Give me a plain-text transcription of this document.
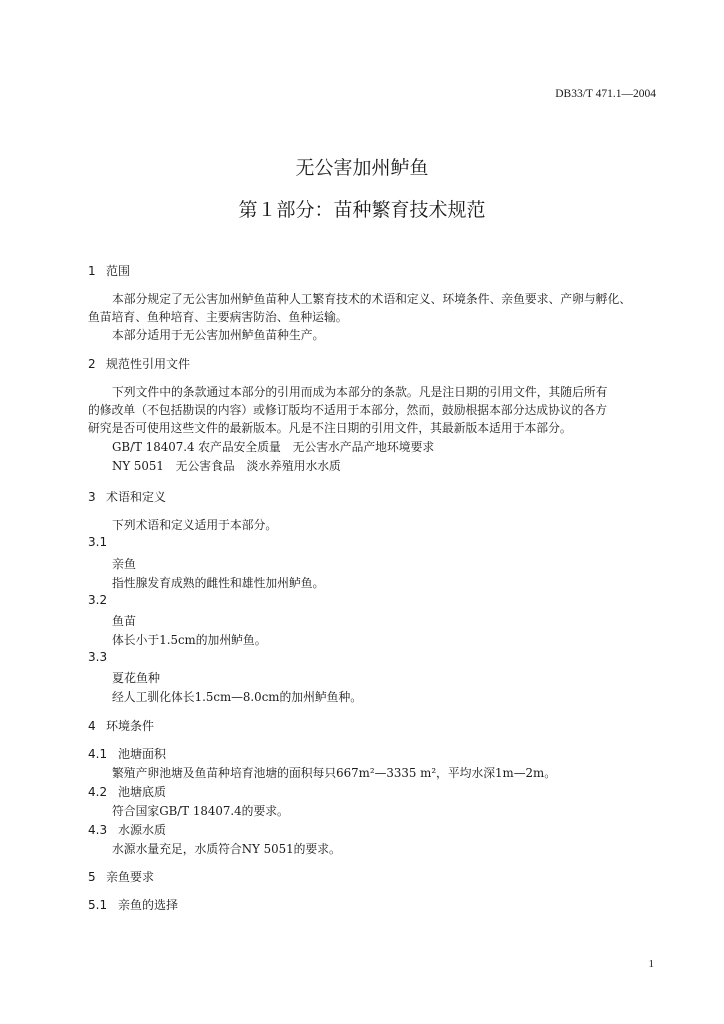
DB33/T 471.1—2004
无公害加州鲈鱼
第１部分：苗种繁育技术规范
1 范围
本部分规定了无公害加州鲈鱼苗种人工繁育技术的术语和定义、环境条件、亲鱼要求、产卵与孵化、
鱼苗培育、鱼种培育、主要病害防治、鱼种运输。
本部分适用于无公害加州鲈鱼苗种生产。
2 规范性引用文件
下列文件中的条款通过本部分的引用而成为本部分的条款。凡是注日期的引用文件，其随后所有
的修改单（不包括勘误的内容）或修订版均不适用于本部分，然而，鼓励根据本部分达成协议的各方
研究是否可使用这些文件的最新版本。凡是不注日期的引用文件，其最新版本适用于本部分。
GB/T 18407.4 农产品安全质量　无公害水产品产地环境要求
NY 5051　无公害食品　淡水养殖用水水质
3 术语和定义
下列术语和定义适用于本部分。
3.1
亲鱼
指性腺发育成熟的雌性和雄性加州鲈鱼。
3.2
鱼苗
体长小于1.5cm的加州鲈鱼。
3.3
夏花鱼种
经人工驯化体长1.5cm—8.0cm的加州鲈鱼种。
4 环境条件
4.1 池塘面积
繁殖产卵池塘及鱼苗种培育池塘的面积每只667m²—3335 m²，平均水深1m—2m。
4.2 池塘底质
符合国家GB/T 18407.4的要求。
4.3 水源水质
水源水量充足，水质符合NY 5051的要求。
5 亲鱼要求
5.1 亲鱼的选择
1
